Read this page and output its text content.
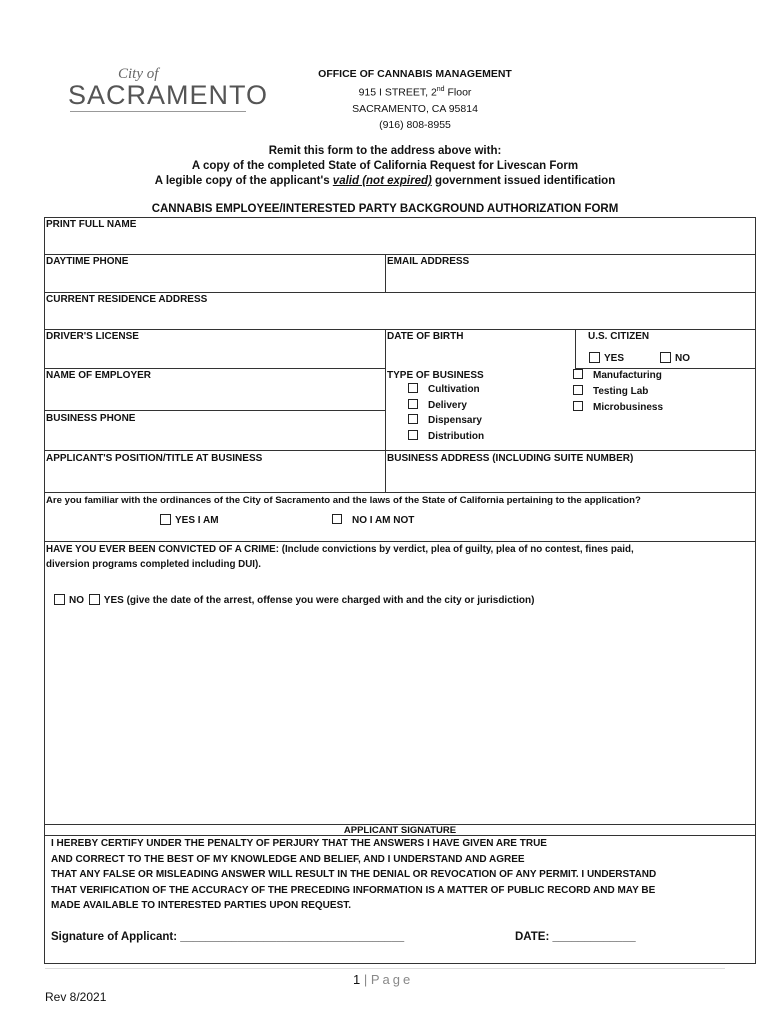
City of
SACRAMENTO
OFFICE OF CANNABIS MANAGEMENT
915 I STREET, 2nd Floor
SACRAMENTO, CA 95814
(916) 808-8955
Remit this form to the address above with:
A copy of the completed State of California Request for Livescan Form
A legible copy of the applicant's valid (not expired) government issued identification
CANNABIS EMPLOYEE/INTERESTED PARTY BACKGROUND AUTHORIZATION FORM
PRINT FULL NAME
DAYTIME PHONE	EMAIL ADDRESS
CURRENT RESIDENCE ADDRESS
DRIVER'S LICENSE	DATE OF BIRTH	U.S. CITIZEN
YES	NO
NAME OF EMPLOYER
BUSINESS PHONE
TYPE OF BUSINESS
Cultivation
Delivery
Dispensary
Distribution
Manufacturing
Testing Lab
Microbusiness
APPLICANT'S POSITION/TITLE AT BUSINESS	BUSINESS ADDRESS (INCLUDING SUITE NUMBER)
Are you familiar with the ordinances of the City of Sacramento and the laws of the State of California pertaining to the application?
YES I AM	NO I AM NOT
HAVE YOU EVER BEEN CONVICTED OF A CRIME: (Include convictions by verdict, plea of guilty, plea of no contest, fines paid,
diversion programs completed including DUI).
NO YES (give the date of the arrest, offense you were charged with and the city or jurisdiction)
APPLICANT SIGNATURE
I HEREBY CERTIFY UNDER THE PENALTY OF PERJURY THAT THE ANSWERS I HAVE GIVEN ARE TRUE
AND CORRECT TO THE BEST OF MY KNOWLEDGE AND BELIEF, AND I UNDERSTAND AND AGREE
THAT ANY FALSE OR MISLEADING ANSWER WILL RESULT IN THE DENIAL OR REVOCATION OF ANY PERMIT. I UNDERSTAND
THAT VERIFICATION OF THE ACCURACY OF THE PRECEDING INFORMATION IS A MATTER OF PUBLIC RECORD AND MAY BE
MADE AVAILABLE TO INTERESTED PARTIES UPON REQUEST.
Signature of Applicant: ___________________________________	DATE: _____________
1 | Page
Rev 8/2021
